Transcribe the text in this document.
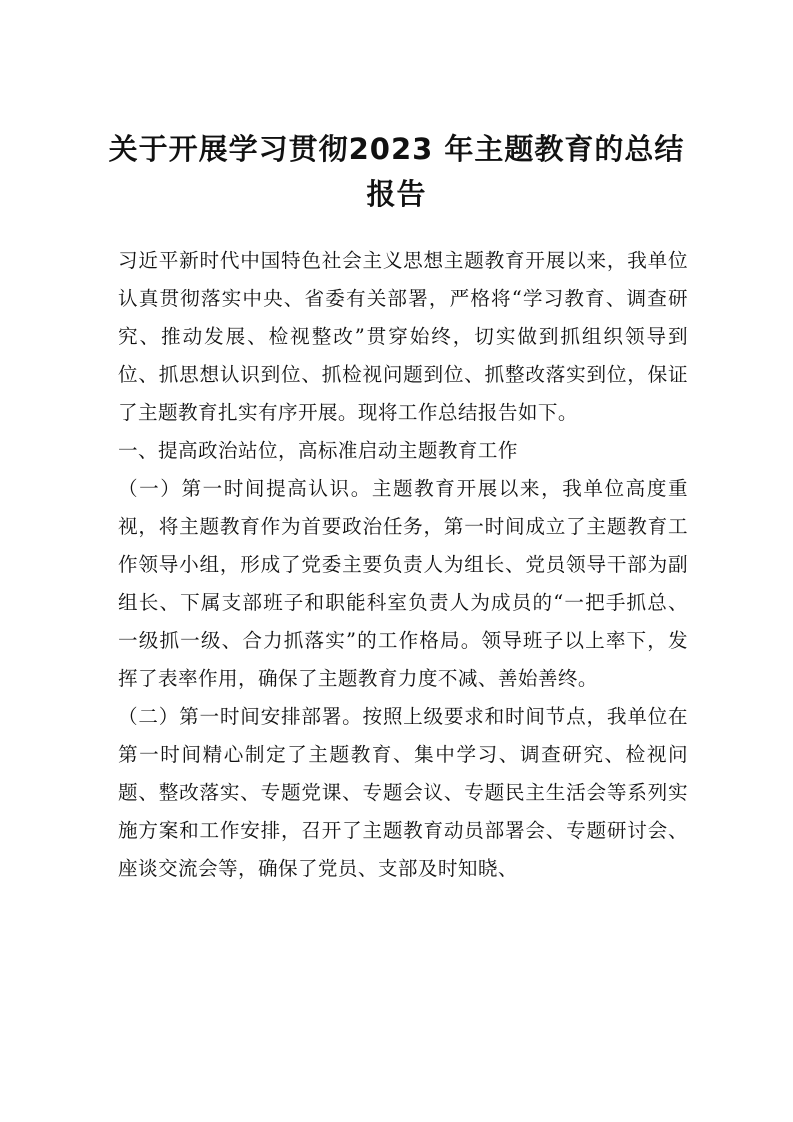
关于开展学习贯彻2023 年主题教育的总结
报告

习近平新时代中国特色社会主义思想主题教育开展以来，我单位认真贯彻落实中央、省委有关部署，严格将“学习教育、调查研究、推动发展、检视整改”贯穿始终，切实做到抓组织领导到位、抓思想认识到位、抓检视问题到位、抓整改落实到位，保证了主题教育扎实有序开展。现将工作总结报告如下。

一、提高政治站位，高标准启动主题教育工作

（一）第一时间提高认识。主题教育开展以来，我单位高度重视，将主题教育作为首要政治任务，第一时间成立了主题教育工作领导小组，形成了党委主要负责人为组长、党员领导干部为副组长、下属支部班子和职能科室负责人为成员的“一把手抓总、一级抓一级、合力抓落实”的工作格局。领导班子以上率下，发挥了表率作用，确保了主题教育力度不减、善始善终。

（二）第一时间安排部署。按照上级要求和时间节点，我单位在第一时间精心制定了主题教育、集中学习、调查研究、检视问题、整改落实、专题党课、专题会议、专题民主生活会等系列实施方案和工作安排，召开了主题教育动员部署会、专题研讨会、座谈交流会等，确保了党员、支部及时知晓、
